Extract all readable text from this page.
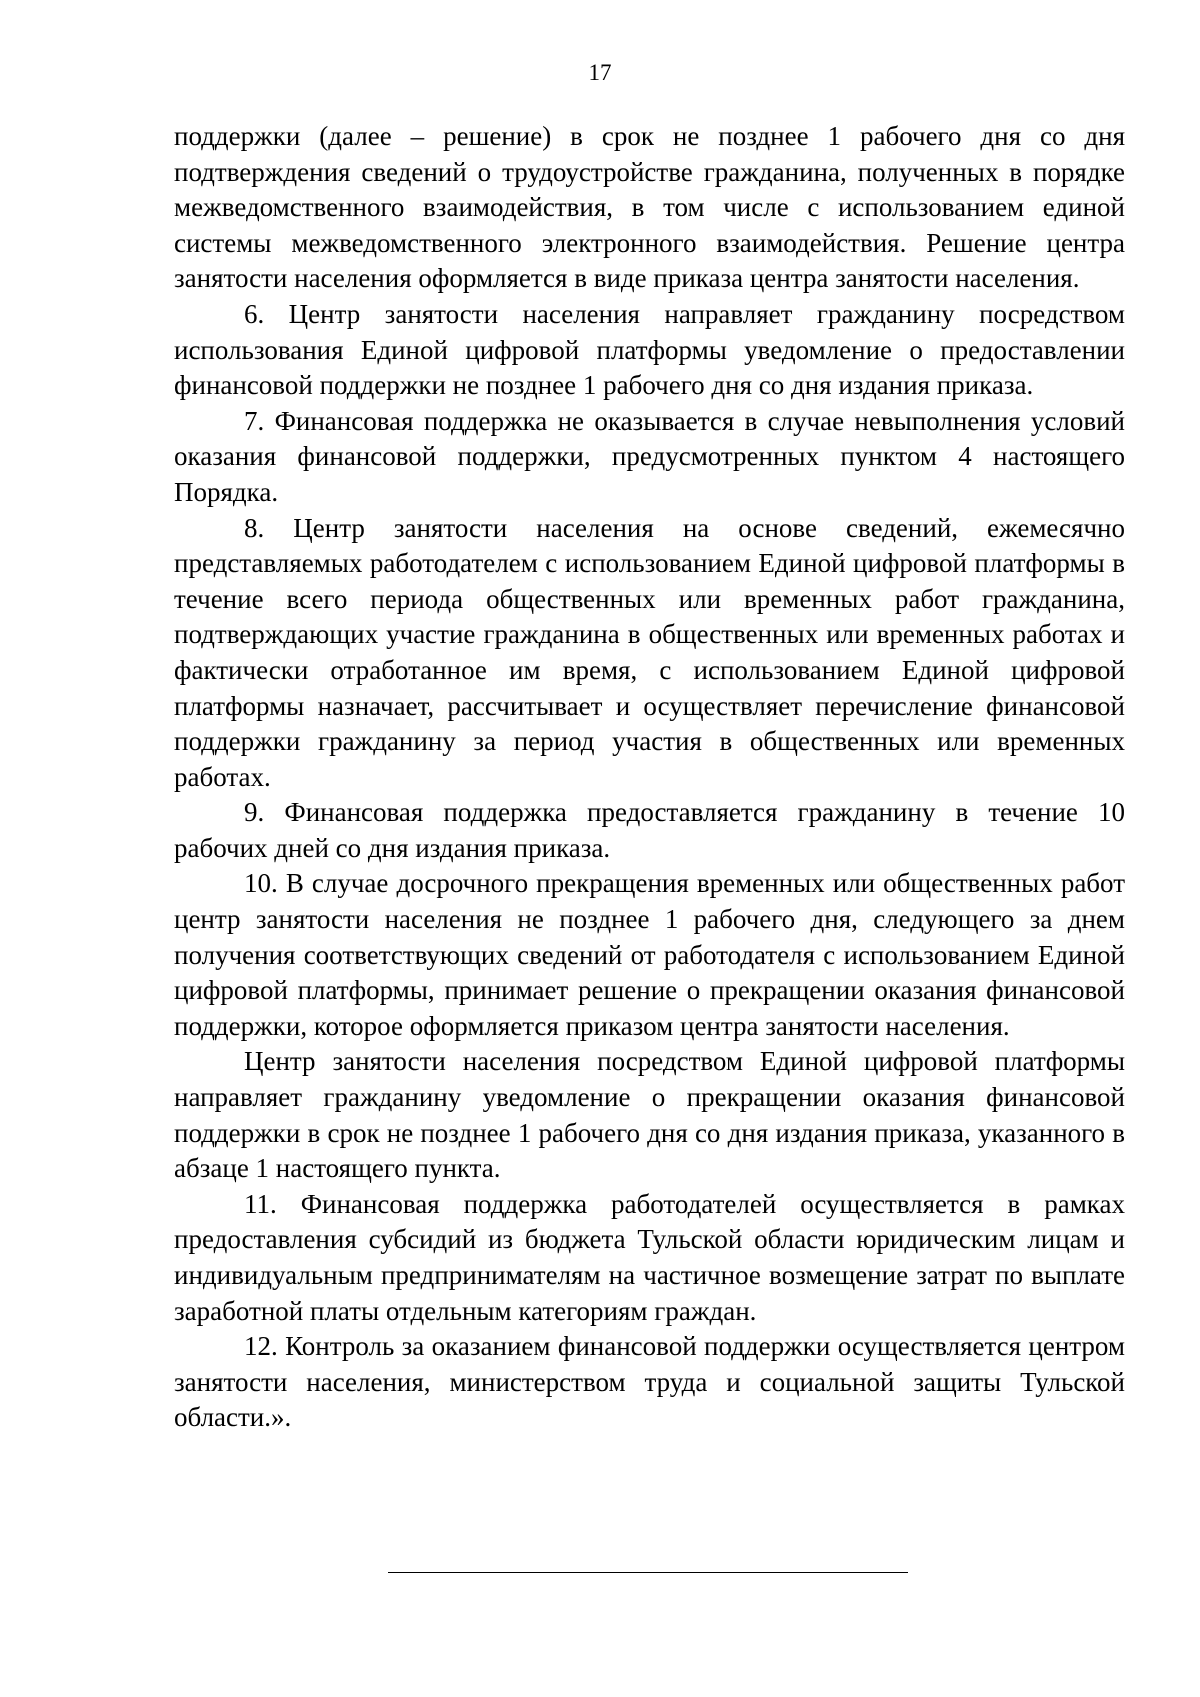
17

поддержки (далее – решение) в срок не позднее 1 рабочего дня со дня подтверждения сведений о трудоустройстве гражданина, полученных в порядке межведомственного взаимодействия, в том числе с использованием единой системы межведомственного электронного взаимодействия. Решение центра занятости населения оформляется в виде приказа центра занятости населения.

6. Центр занятости населения направляет гражданину посредством использования Единой цифровой платформы уведомление о предоставлении финансовой поддержки не позднее 1 рабочего дня со дня издания приказа.

7. Финансовая поддержка не оказывается в случае невыполнения условий оказания финансовой поддержки, предусмотренных пунктом 4 настоящего Порядка.

8. Центр занятости населения на основе сведений, ежемесячно представляемых работодателем с использованием Единой цифровой платформы в течение всего периода общественных или временных работ гражданина, подтверждающих участие гражданина в общественных или временных работах и фактически отработанное им время, с использованием Единой цифровой платформы назначает, рассчитывает и осуществляет перечисление финансовой поддержки гражданину за период участия в общественных или временных работах.

9. Финансовая поддержка предоставляется гражданину в течение 10 рабочих дней со дня издания приказа.

10. В случае досрочного прекращения временных или общественных работ центр занятости населения не позднее 1 рабочего дня, следующего за днем получения соответствующих сведений от работодателя с использованием Единой цифровой платформы, принимает решение о прекращении оказания финансовой поддержки, которое оформляется приказом центра занятости населения.

Центр занятости населения посредством Единой цифровой платформы направляет гражданину уведомление о прекращении оказания финансовой поддержки в срок не позднее 1 рабочего дня со дня издания приказа, указанного в абзаце 1 настоящего пункта.

11. Финансовая поддержка работодателей осуществляется в рамках предоставления субсидий из бюджета Тульской области юридическим лицам и индивидуальным предпринимателям на частичное возмещение затрат по выплате заработной платы отдельным категориям граждан.

12. Контроль за оказанием финансовой поддержки осуществляется центром занятости населения, министерством труда и социальной защиты Тульской области.».
